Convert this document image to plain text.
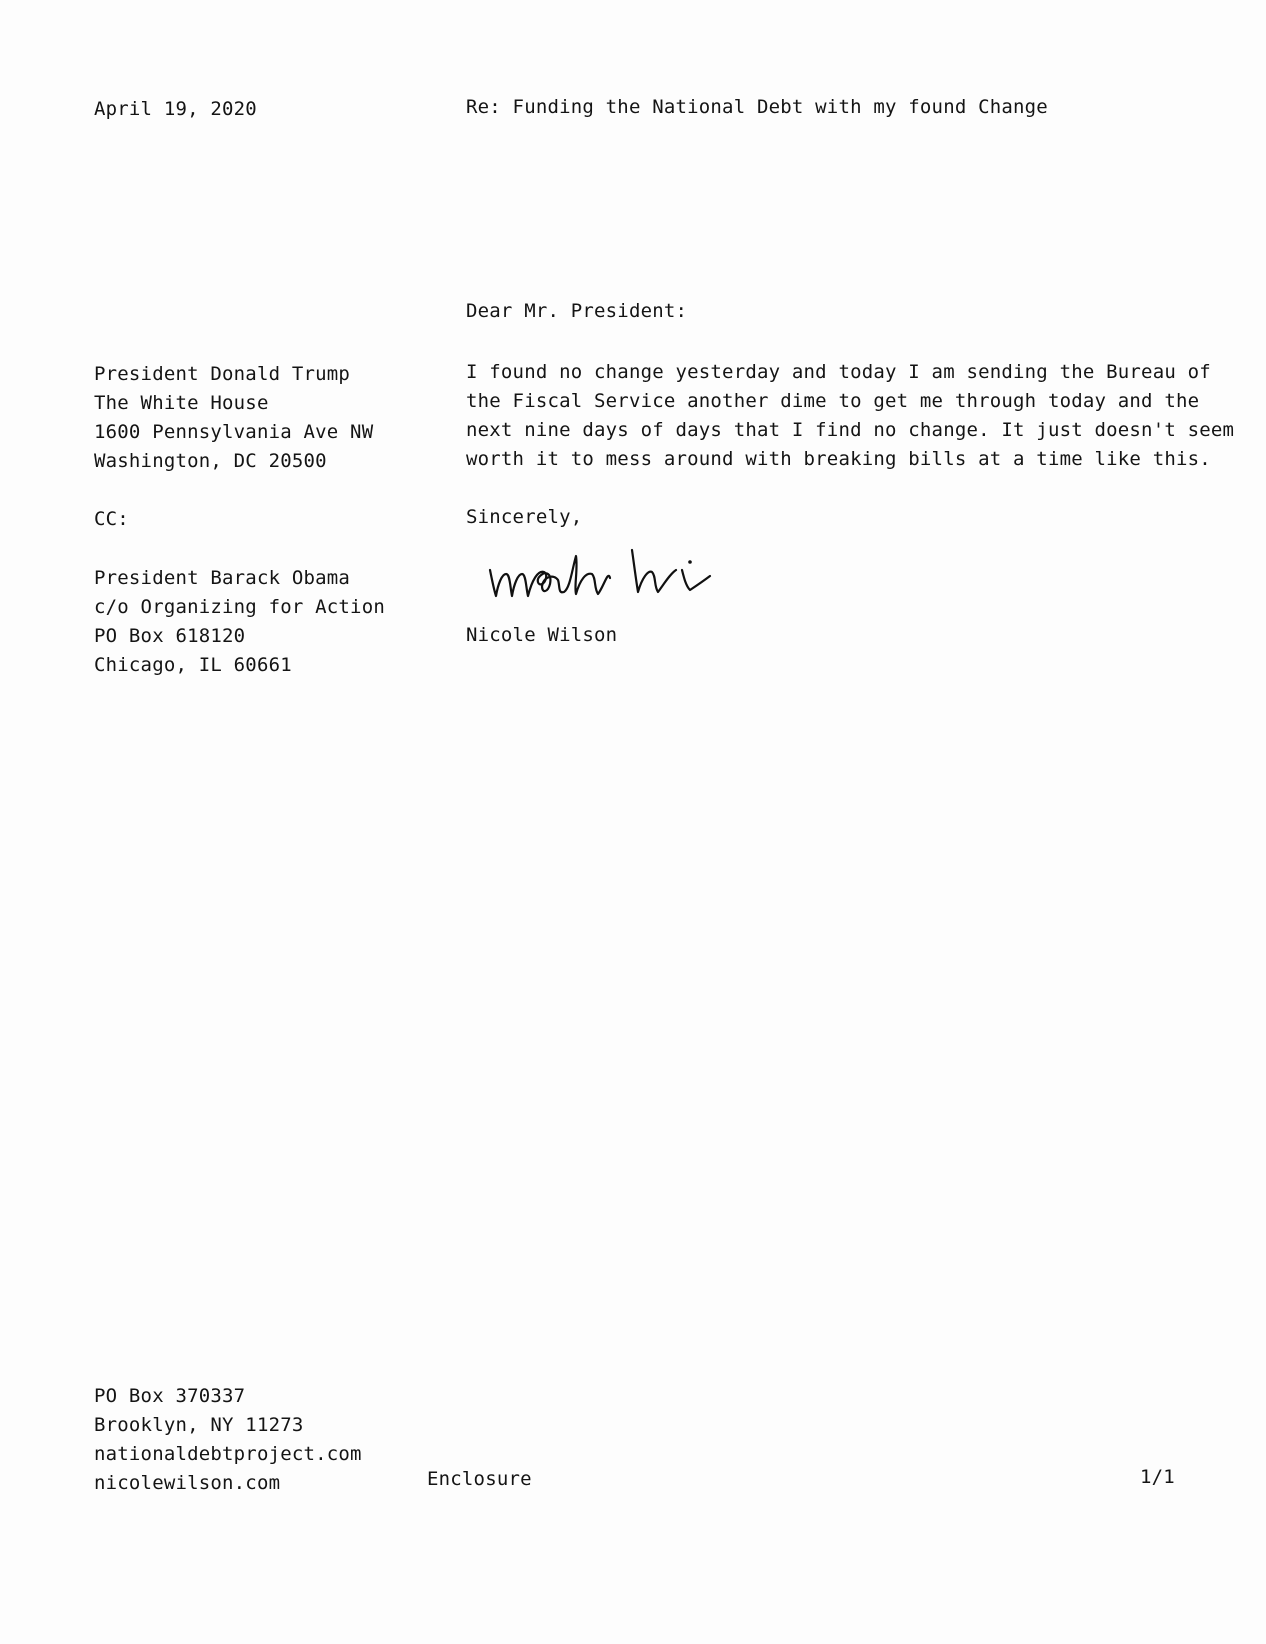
April 19, 2020	Re: Funding the National Debt with my found Change
Dear Mr. President:
President Donald Trump
The White House
1600 Pennsylvania Ave NW
Washington, DC 20500
I found no change yesterday and today I am sending the Bureau of
the Fiscal Service another dime to get me through today and the
next nine days of days that I find no change. It just doesn't seem
worth it to mess around with breaking bills at a time like this.
CC:	Sincerely,
President Barack Obama
c/o Organizing for Action
PO Box 618120
Chicago, IL 60661
Nicole Wilson
PO Box 370337
Brooklyn, NY 11273
nationaldebtproject.com
nicolewilson.com	Enclosure	1/1
